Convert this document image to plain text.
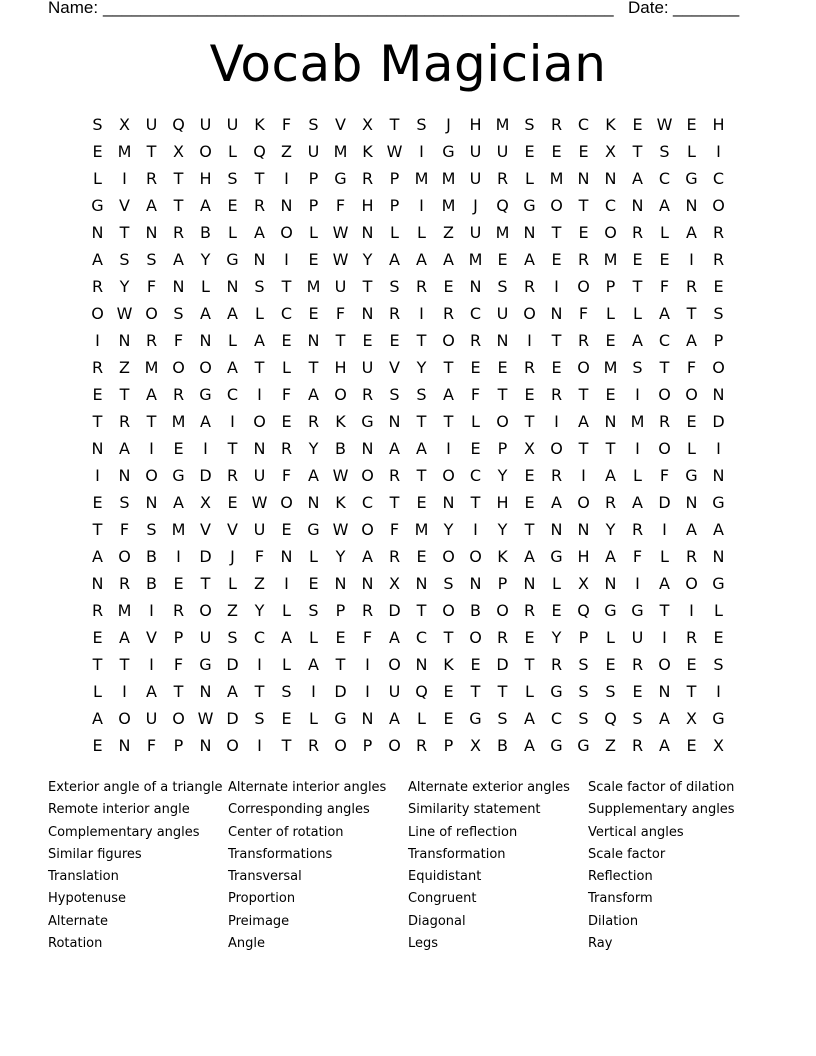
Name: ______________________________________________________ Date: _______
Vocab Magician
S	X U Q U U K	F	S	V	X	T	S	J	H M S	R C	K	E W E H
E M T	X O	L	Q Z U M K W	I	G U U	E	E	E	X	T	S	L	I
L	I	R	T	H S	T	I	P G R	P M M U R	L M N N A C G C
G V	A	T	A	E	R N	P	F	H	P	I	M	J	Q G O T	C N A N O
N	T	N R B	L	A O	L W N	L	L	Z U M N	T	E O R	L	A R
A	S	S	A	Y G N	I	E W Y	A	A	A M E	A	E	R M E	E	I	R
R	Y	F	N	L	N S	T M U	T	S	R	E N S	R	I	O P	T	F	R	E
O W O S	A	A	L	C	E	F	N R	I	R C U O N	F	L	L	A	T	S
I	N R	F	N	L	A	E N	T	E	E	T O R N	I	T	R	E	A C A	P
R Z M O O A	T	L	T	H U V	Y	T	E	E	R	E O M S	T	F	O
E	T	A R G C	I	F	A O R	S	S	A	F	T	E	R	T	E	I	O O N
T	R	T M A	I	O E	R	K G N	T	T	L	O T	I	A N M R	E D
N A	I	E	I	T	N R	Y	B N A	A	I	E	P	X O T	T	I	O	L	I
I	N O G D R U	F	A W O R	T O C	Y	E	R	I	A	L	F	G N
E	S N A	X	E W O N K	C	T	E N	T	H E	A O R A D N G
T	F	S M V	V U	E G W O	F M Y	I	Y	T	N N	Y	R	I	A	A
A O B	I	D	J	F	N	L	Y	A R	E O O K	A G H A	F	L	R N
N R B	E	T	L	Z	I	E N N X N S N	P	N	L	X N	I	A O G
R M	I	R O Z	Y	L	S	P	R D T O B O R	E Q G G T	I	L
E	A	V	P	U	S	C A	L	E	F	A C	T O R	E	Y	P	L	U	I	R	E
T	T	I	F	G D	I	L	A	T	I	O N K	E D T	R	S	E	R O E	S
L	I	A	T	N A	T	S	I	D	I	U Q E	T	T	L	G S	S	E N	T	I
A O U O W D S	E	L	G N A	L	E G S	A C	S Q S	A	X G
E N	F	P	N O	I	T	R O P O R	P	X	B	A G G Z R A	E	X
Exterior angle of a triangle
Remote interior angle
Complementary angles
Similar figures
Translation
Hypotenuse
Alternate
Rotation
Alternate interior angles
Corresponding angles
Center of rotation
Transformations
Transversal
Proportion
Preimage
Angle
Alternate exterior angles
Similarity statement
Line of reflection
Transformation
Equidistant
Congruent
Diagonal
Legs
Scale factor of dilation
Supplementary angles
Vertical angles
Scale factor
Reflection
Transform
Dilation
Ray
